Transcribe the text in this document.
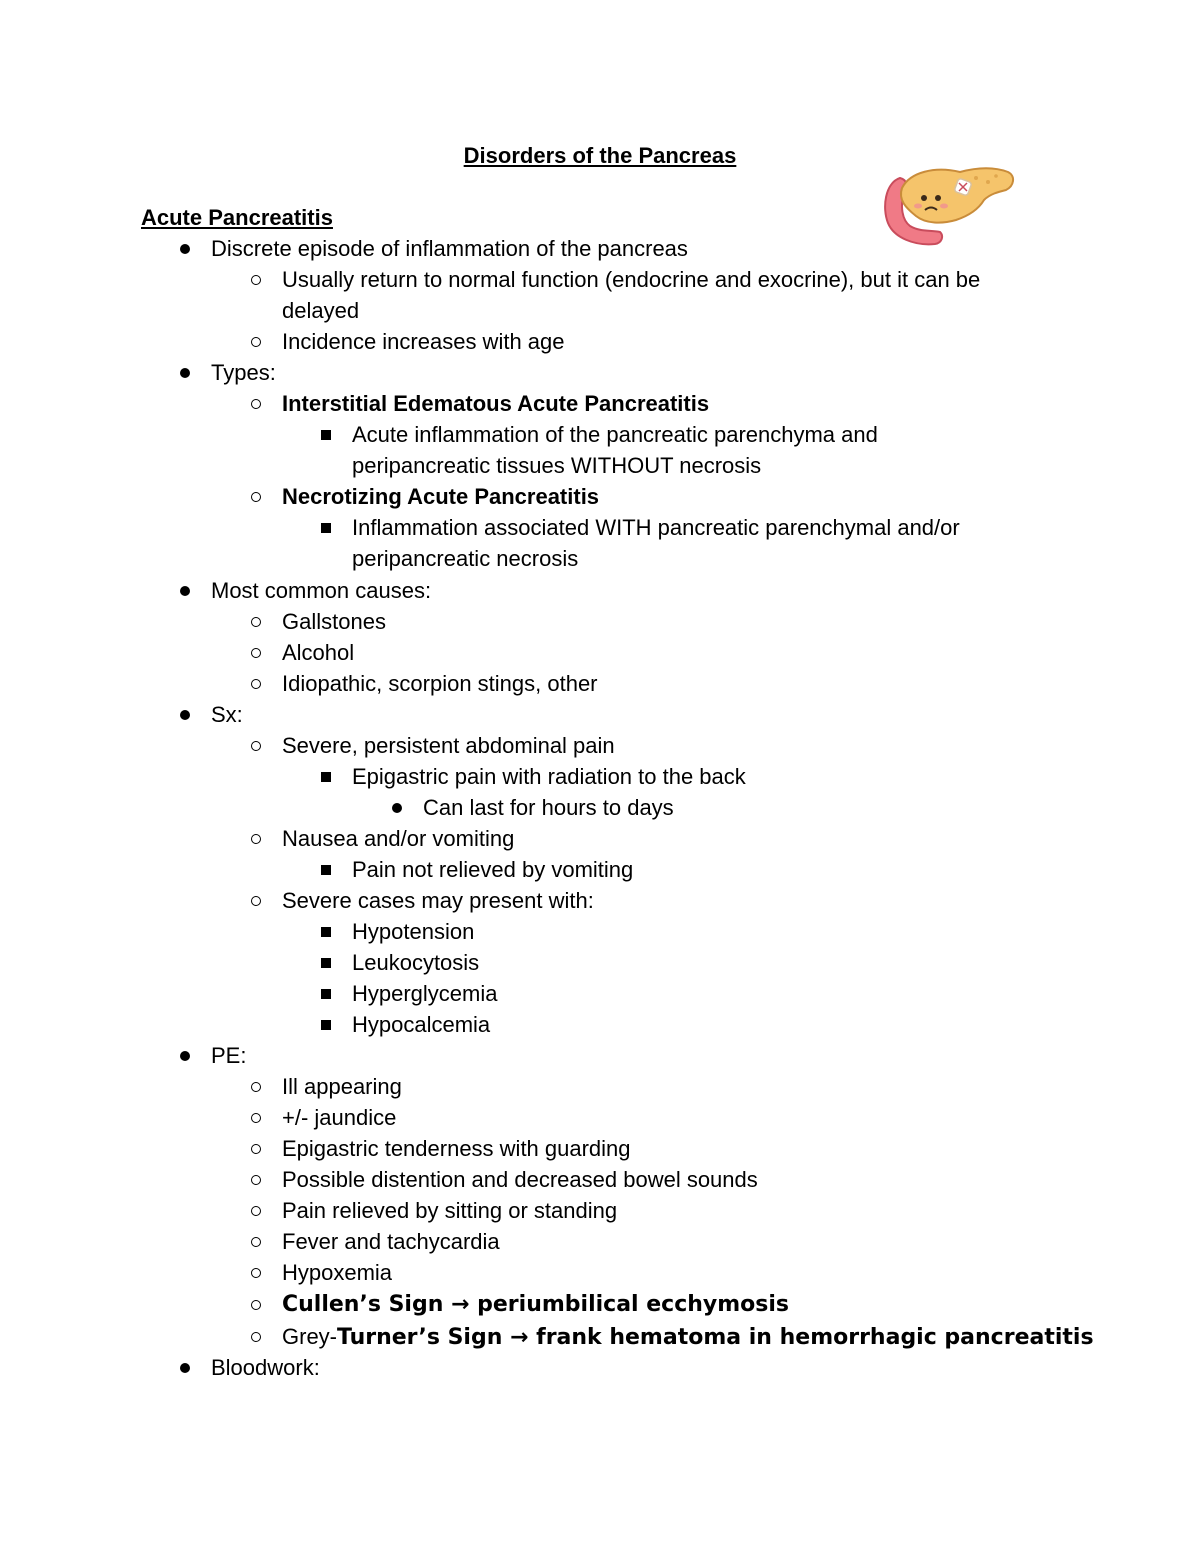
Disorders of the Pancreas
Acute Pancreatitis
Discrete episode of inflammation of the pancreas
Usually return to normal function (endocrine and exocrine), but it can be
delayed
Incidence increases with age
Types:
Interstitial Edematous Acute Pancreatitis
Acute inflammation of the pancreatic parenchyma and
peripancreatic tissues WITHOUT necrosis
Necrotizing Acute Pancreatitis
Inflammation associated WITH pancreatic parenchymal and/or
peripancreatic necrosis
Most common causes:
Gallstones
Alcohol
Idiopathic, scorpion stings, other
Sx:
Severe, persistent abdominal pain
Epigastric pain with radiation to the back
Can last for hours to days
Nausea and/or vomiting
Pain not relieved by vomiting
Severe cases may present with:
Hypotension
Leukocytosis
Hyperglycemia
Hypocalcemia
PE:
Ill appearing
+/- jaundice
Epigastric tenderness with guarding
Possible distention and decreased bowel sounds
Pain relieved by sitting or standing
Fever and tachycardia
Hypoxemia
Cullen’s Sign → periumbilical ecchymosis
Grey-Turner’s Sign → frank hematoma in hemorrhagic pancreatitis
Bloodwork:
